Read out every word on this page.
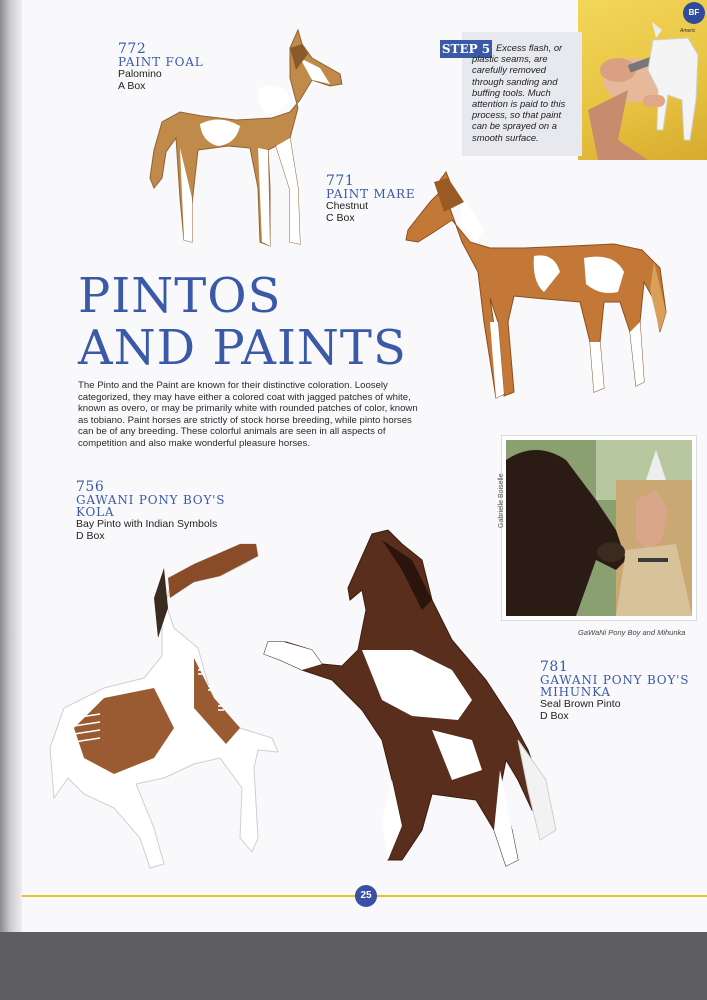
BF
Americ
STEP 5 Excess flash, or plastic seams, are carefully removed through sanding and buffing tools. Much attention is paid to this process, so that paint can be sprayed on a smooth surface.

772
PAINT FOAL
Palomino
A Box
771
PAINT MARE
Chestnut
C Box
PINTOS
AND PAINTS

The Pinto and the Paint are known for their distinctive coloration. Loosely categorized, they may have either a colored coat with jagged patches of white, known as overo, or may be primarily white with rounded patches of color, known as tobiano. Paint horses are strictly of stock horse breeding, while pinto horses can be of any breeding. These colorful animals are seen in all aspects of competition and also make wonderful pleasure horses.

Gabrielle Boiselle
GaWaNi Pony Boy and Mihunka
756
GAWANI PONY BOY'S
KOLA
Bay Pinto with Indian Symbols
D Box
781
GAWANI PONY BOY'S
MIHUNKA
Seal Brown Pinto
D Box
25
